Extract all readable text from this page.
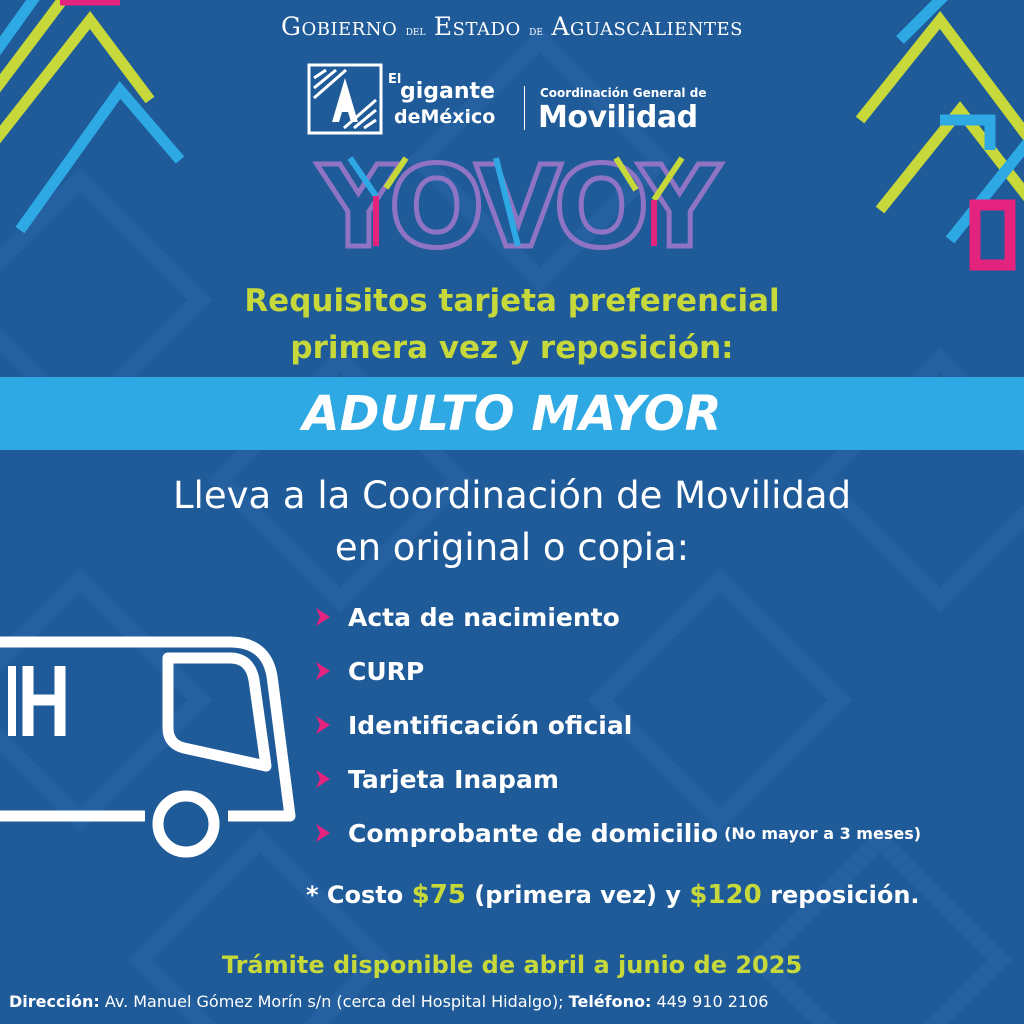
Gobierno del Estado de Aguascalientes
El
gigante
deMéxico
Coordinación General de
Movilidad
YOVOY
Requisitos tarjeta preferencial
primera vez y reposición:
ADULTO MAYOR
Lleva a la Coordinación de Movilidad
en original o copia:
Acta de nacimiento
CURP
Identificación oficial
Tarjeta Inapam
Comprobante de domicilio (No mayor a 3 meses)
* Costo $75 (primera vez) y $120 reposición.
Trámite disponible de abril a junio de 2025
Dirección: Av. Manuel Gómez Morín s/n (cerca del Hospital Hidalgo); Teléfono: 449 910 2106
